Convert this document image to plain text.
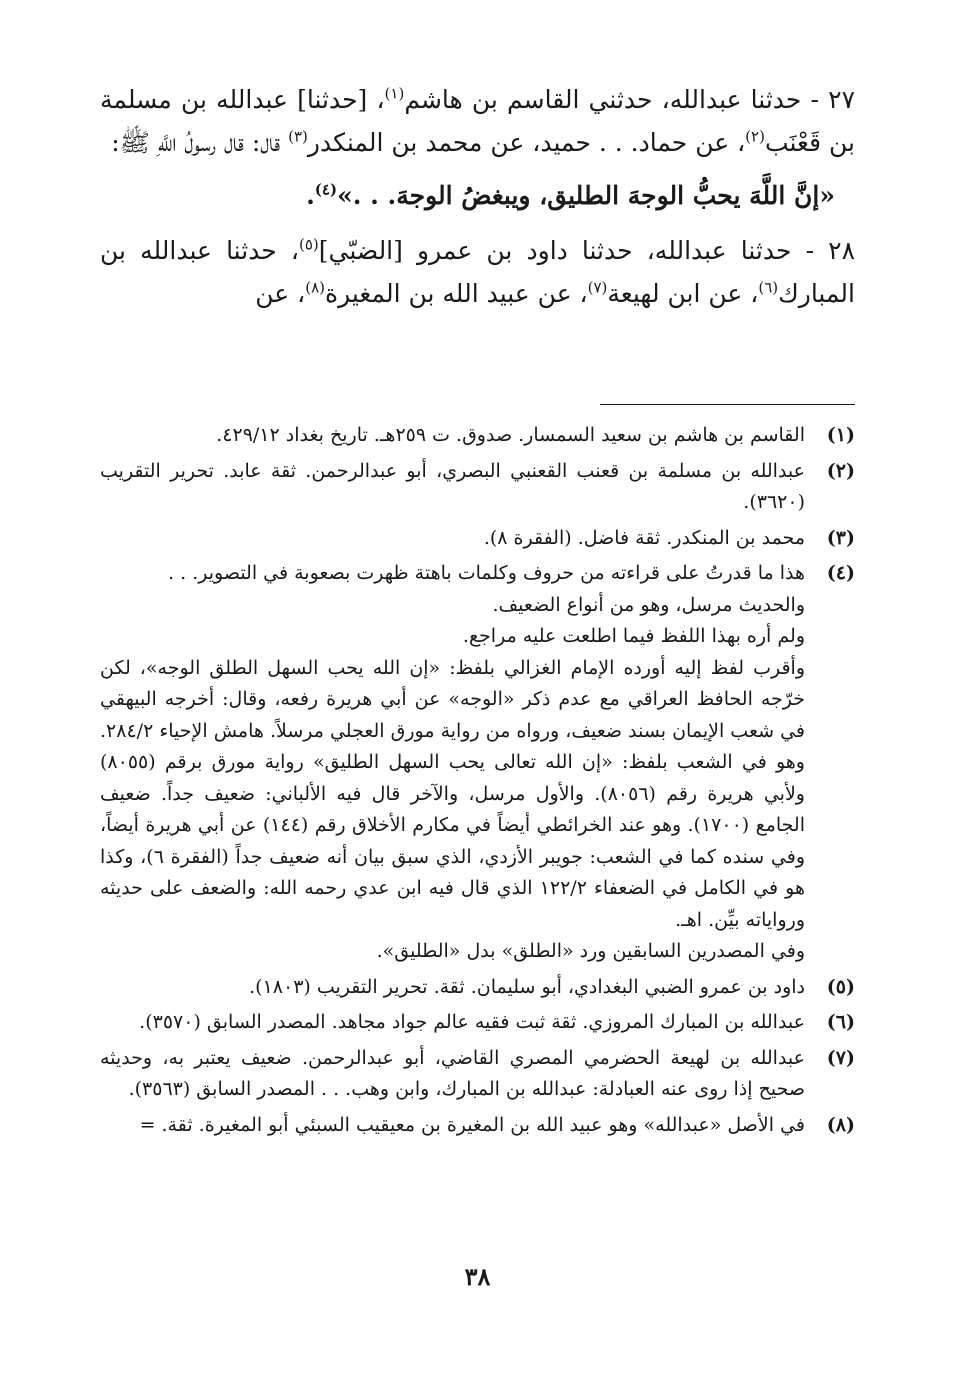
٢٧ - حدثنا عبدالله، حدثني القاسم بن هاشم$^{(١)}$، [حدثنا] عبدالله بن مسلمة بن قَعْنَب$^{(٢)}$، عن حماد. . . حميد، عن محمد بن المنكدر$^{(٣)}$ قال: قال رسولُ اللَّهِ ﷺ:

«إنَّ اللَّهَ يحبُّ الوجهَ الطليق، ويبغضُ الوجهَ. . .»$^{(٤)}$.

٢٨ - حدثنا عبدالله، حدثنا داود بن عمرو [الضبّي]$^{(٥)}$، حدثنا عبدالله بن المبارك$^{(٦)}$، عن ابن لهيعة$^{(٧)}$، عن عبيد الله بن المغيرة$^{(٨)}$، عن

(١)

القاسم بن هاشم بن سعيد السمسار. صدوق. ت ٢٥٩هـ. تاريخ بغداد ٤٢٩/١٢.

(٢)

عبدالله بن مسلمة بن قعنب القعنبي البصري، أبو عبدالرحمن. ثقة عابد. تحرير التقريب (٣٦٢٠).

(٣)

محمد بن المنكدر. ثقة فاضل. (الفقرة ٨).

(٤)

هذا ما قدرتُ على قراءته من حروف وكلمات باهتة ظهرت بصعوبة في التصوير. . .

والحديث مرسل، وهو من أنواع الضعيف.

ولم أره بهذا اللفظ فيما اطلعت عليه مراجع.

وأقرب لفظ إليه أورده الإمام الغزالي بلفظ: «إن الله يحب السهل الطلق الوجه»، لكن خرّجه الحافظ العراقي مع عدم ذكر «الوجه» عن أبي هريرة رفعه، وقال: أخرجه البيهقي في شعب الإيمان بسند ضعيف، ورواه من رواية مورق العجلي مرسلاً. هامش الإحياء ٢٨٤/٢. وهو في الشعب بلفظ: «إن الله تعالى يحب السهل الطليق» رواية مورق برقم (٨٠٥٥) ولأبي هريرة رقم (٨٠٥٦). والأول مرسل، والآخر قال فيه الألباني: ضعيف جداً. ضعيف الجامع (١٧٠٠). وهو عند الخرائطي أيضاً في مكارم الأخلاق رقم (١٤٤) عن أبي هريرة أيضاً، وفي سنده كما في الشعب: جويبر الأزدي، الذي سبق بيان أنه ضعيف جداً (الفقرة ٦)، وكذا هو في الكامل في الضعفاء ١٢٢/٢ الذي قال فيه ابن عدي رحمه الله: والضعف على حديثه ورواياته بيِّن. اهـ.

وفي المصدرين السابقين ورد «الطلق» بدل «الطليق».

(٥)

داود بن عمرو الضبي البغدادي، أبو سليمان. ثقة. تحرير التقريب (١٨٠٣).

(٦)

عبدالله بن المبارك المروزي. ثقة ثبت فقيه عالم جواد مجاهد. المصدر السابق (٣٥٧٠).

(٧)

عبدالله بن لهيعة الحضرمي المصري القاضي، أبو عبدالرحمن. ضعيف يعتبر به، وحديثه صحيح إذا روى عنه العبادلة: عبدالله بن المبارك، وابن وهب. . . المصدر السابق (٣٥٦٣).

(٨)

في الأصل «عبدالله» وهو عبيد الله بن المغيرة بن معيقيب السبئي أبو المغيرة. ثقة. =

٣٨
